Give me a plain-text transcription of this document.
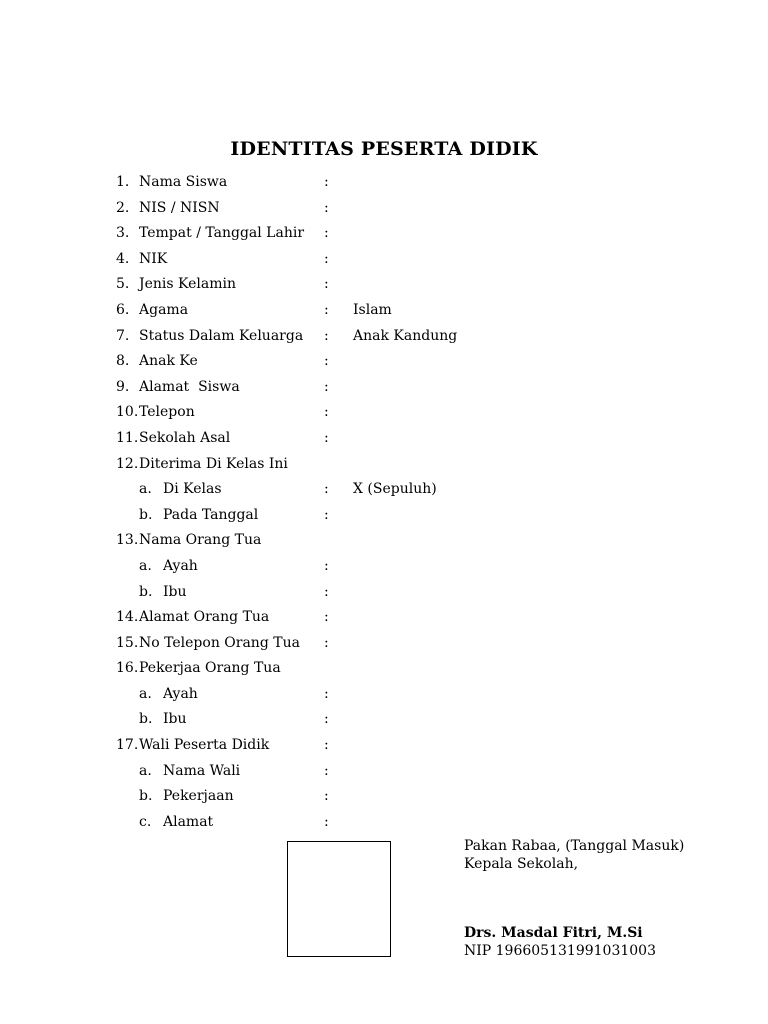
IDENTITAS PESERTA DIDIK
1. Nama Siswa	:
2. NIS / NISN	:
3. Tempat / Tanggal Lahir :
4. NIK	:
5. Jenis Kelamin	:
6. Agama	: Islam
7. Status Dalam Keluarga : Anak Kandung
8. Anak Ke	:
9. Alamat  Siswa	:
10. Telepon	:
11. Sekolah Asal	:
12. Diterima Di Kelas Ini
a. Di Kelas	: X (Sepuluh)
b. Pada Tanggal	:
13. Nama Orang Tua
a. Ayah	:
b. Ibu	:
14. Alamat Orang Tua	:
15. No Telepon Orang Tua :
16. Pekerjaa Orang Tua
a. Ayah	:
b. Ibu	:
17. Wali Peserta Didik	:
a. Nama Wali	:
b. Pekerjaan	:
c. Alamat	:
Pakan Rabaa, (Tanggal Masuk)
Kepala Sekolah,
Drs. Masdal Fitri, M.Si
NIP 196605131991031003
